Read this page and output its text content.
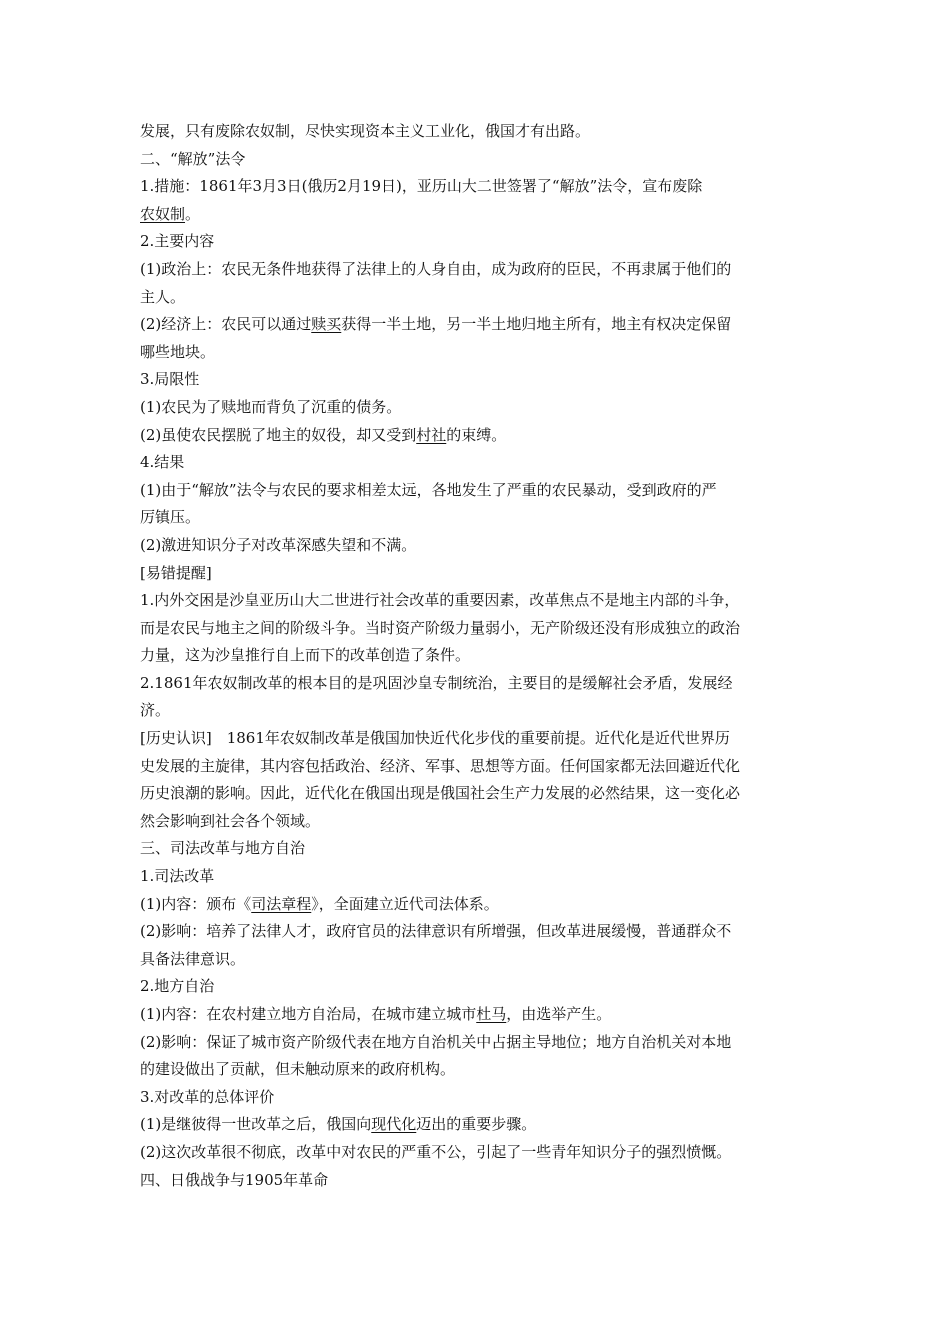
发展，只有废除农奴制，尽快实现资本主义工业化，俄国才有出路。
二、“解放”法令
1.措施：1861年3月3日(俄历2月19日)，亚历山大二世签署了“解放”法令，宣布废除
农奴制。
2.主要内容
(1)政治上：农民无条件地获得了法律上的人身自由，成为政府的臣民，不再隶属于他们的
主人。
(2)经济上：农民可以通过赎买获得一半土地，另一半土地归地主所有，地主有权决定保留
哪些地块。
3.局限性
(1)农民为了赎地而背负了沉重的债务。
(2)虽使农民摆脱了地主的奴役，却又受到村社的束缚。
4.结果
(1)由于“解放”法令与农民的要求相差太远，各地发生了严重的农民暴动，受到政府的严
厉镇压。
(2)激进知识分子对改革深感失望和不满。
[易错提醒]
1.内外交困是沙皇亚历山大二世进行社会改革的重要因素，改革焦点不是地主内部的斗争，
而是农民与地主之间的阶级斗争。当时资产阶级力量弱小，无产阶级还没有形成独立的政治
力量，这为沙皇推行自上而下的改革创造了条件。
2.1861年农奴制改革的根本目的是巩固沙皇专制统治，主要目的是缓解社会矛盾，发展经
济。
[历史认识]　1861年农奴制改革是俄国加快近代化步伐的重要前提。近代化是近代世界历
史发展的主旋律，其内容包括政治、经济、军事、思想等方面。任何国家都无法回避近代化
历史浪潮的影响。因此，近代化在俄国出现是俄国社会生产力发展的必然结果，这一变化必
然会影响到社会各个领域。
三、司法改革与地方自治
1.司法改革
(1)内容：颁布《司法章程》，全面建立近代司法体系。
(2)影响：培养了法律人才，政府官员的法律意识有所增强，但改革进展缓慢，普通群众不
具备法律意识。
2.地方自治
(1)内容：在农村建立地方自治局，在城市建立城市杜马，由选举产生。
(2)影响：保证了城市资产阶级代表在地方自治机关中占据主导地位；地方自治机关对本地
的建设做出了贡献，但未触动原来的政府机构。
3.对改革的总体评价
(1)是继彼得一世改革之后，俄国向现代化迈出的重要步骤。
(2)这次改革很不彻底，改革中对农民的严重不公，引起了一些青年知识分子的强烈愤慨。
四、日俄战争与1905年革命
